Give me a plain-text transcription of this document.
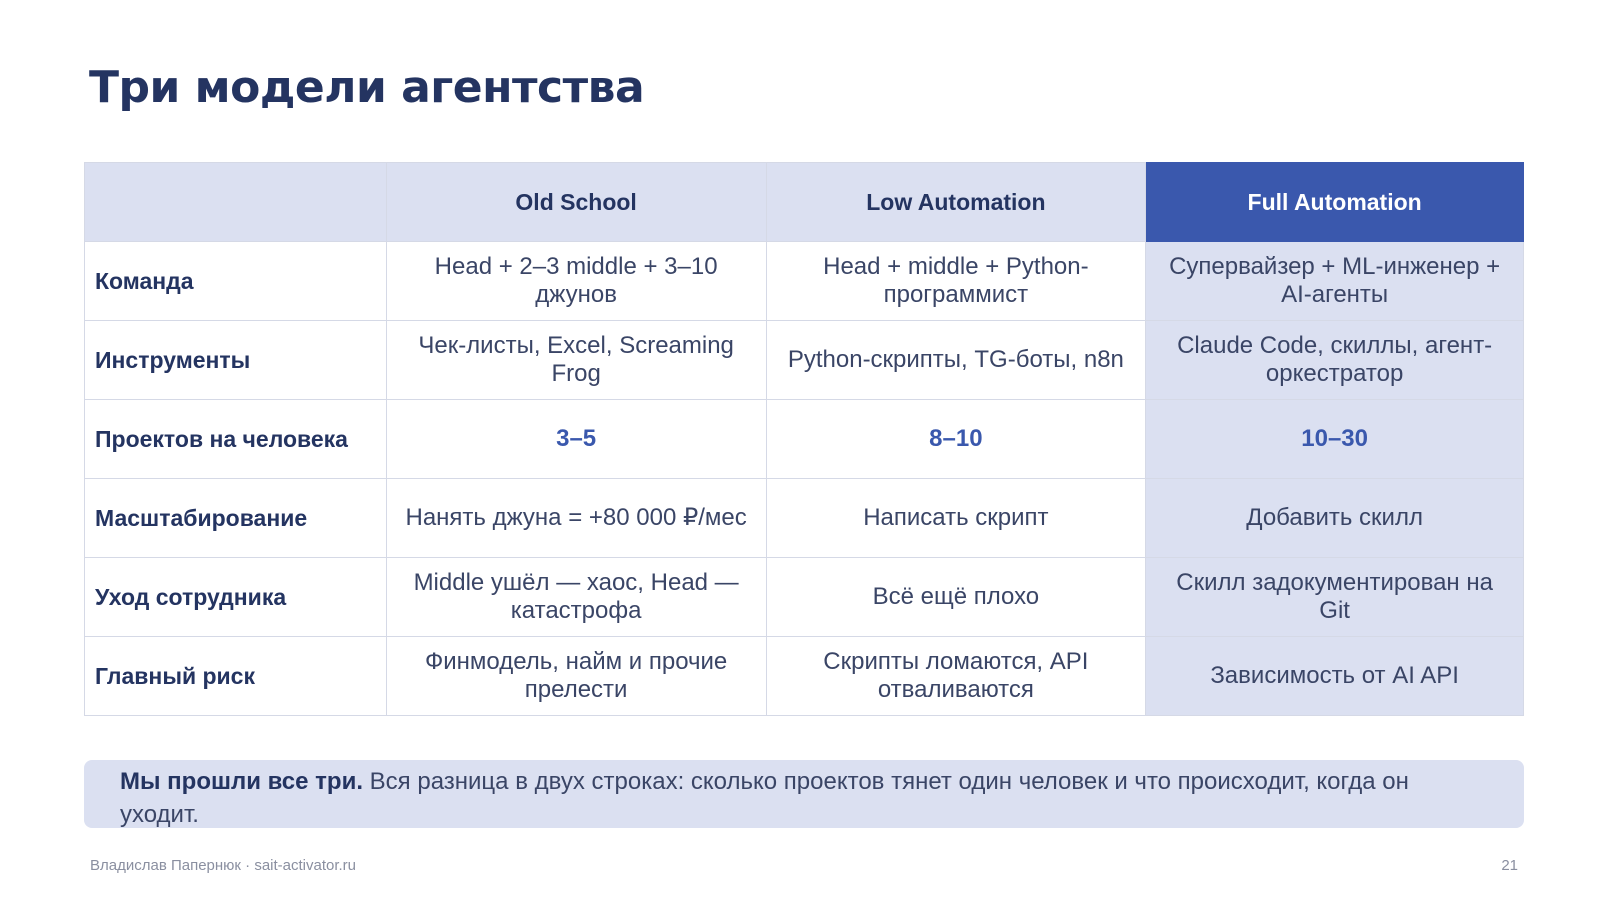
Три модели агентства
	Old School	Low Automation	Full Automation
Команда	Head + 2–3 middle + 3–10 джунов	Head + middle + Python-программист	Супервайзер + ML-инженер + AI-агенты
Инструменты	Чек-листы, Excel, Screaming Frog	Python-скрипты, TG-боты, n8n	Claude Code, скиллы, агент-оркестратор
Проектов на человека	3–5	8–10	10–30
Масштабирование	Нанять джуна = +80 000 ₽/мес	Написать скрипт	Добавить скилл
Уход сотрудника	Middle ушёл — хаос, Head — катастрофа	Всё ещё плохо	Скилл задокументирован на Git
Главный риск	Финмодель, найм и прочие прелести	Скрипты ломаются, API отваливаются	Зависимость от AI API
Мы прошли все три. Вся разница в двух строках: сколько проектов тянет один человек и что происходит, когда он уходит.
Владислав Папернюк · sait-activator.ru	21
